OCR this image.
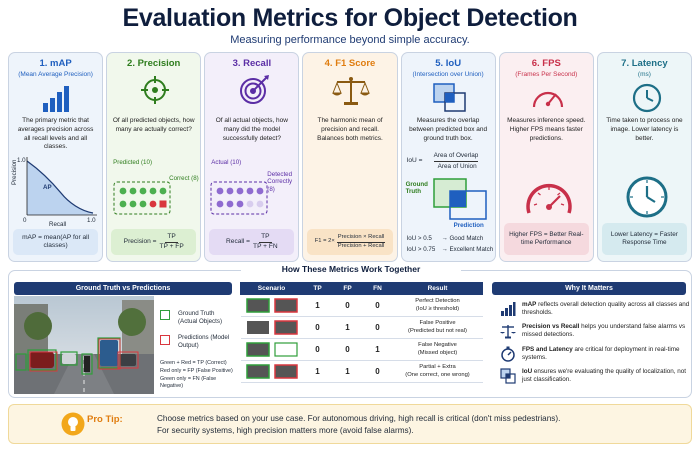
Evaluation Metrics for Object Detection
Measuring performance beyond simple accuracy.
1. mAP
(Mean Average Precision)
The primary metric that averages precision across all recall levels and all classes.
Precision 1.0
AP
0	1.0
Recall
mAP = mean(AP for all classes)
2. Precision
Of all predicted objects, how many are actually correct?
Predicted (10)
Correct (8)
Precision = $\frac{TP}{TP + FP}$
3. Recall
Of all actual objects, how many did the model successfully detect?
Actual (10)
Detected Correctly (8)
Recall = $\frac{TP}{TP + FN}$
4. F1 Score
The harmonic mean of precision and recall. Balances both metrics.
F1 = 2×
Precision × Recall
Precision + Recall
5. IoU
(Intersection over Union)
Measures the overlap between predicted box and ground truth box.
IoU =
Area of Overlap
Area of Union
Ground Truth
Prediction
IoU > 0.5 → Good Match
IoU > 0.75 → Excellent Match
6. FPS
(Frames Per Second)
Measures inference speed. Higher FPS means faster predictions.
Higher FPS = Better Real-time Performance
7. Latency
(ms)
Time taken to process one image. Lower latency is better.
Lower Latency = Faster Response Time
How These Metrics Work Together
Ground Truth vs Predictions
Ground Truth (Actual Objects)
Predictions (Model Output)
Green + Red = TP (Correct)
Red only = FP (False Positive)
Green only = FN (False Negative)
Scenario	TP	FP	FN	Result
	1	0	0	Perfect Detection
(IoU ≥ threshold)

	0	1	0	False Positive
(Predicted but not real)

	0	0	1	False Negative
(Missed object)

	1	1	0	Partial + Extra
(One correct, one wrong)
Why It Matters
mAP reflects overall detection quality across all classes and thresholds.
Precision vs Recall helps you understand false alarms vs missed detections.
FPS and Latency are critical for deployment in real-time systems.
IoU ensures we're evaluating the quality of localization, not just classification.
Pro Tip:	Choose metrics based on your use case. For autonomous driving, high recall is critical (don't miss pedestrians).
For security systems, high precision matters more (avoid false alarms).
